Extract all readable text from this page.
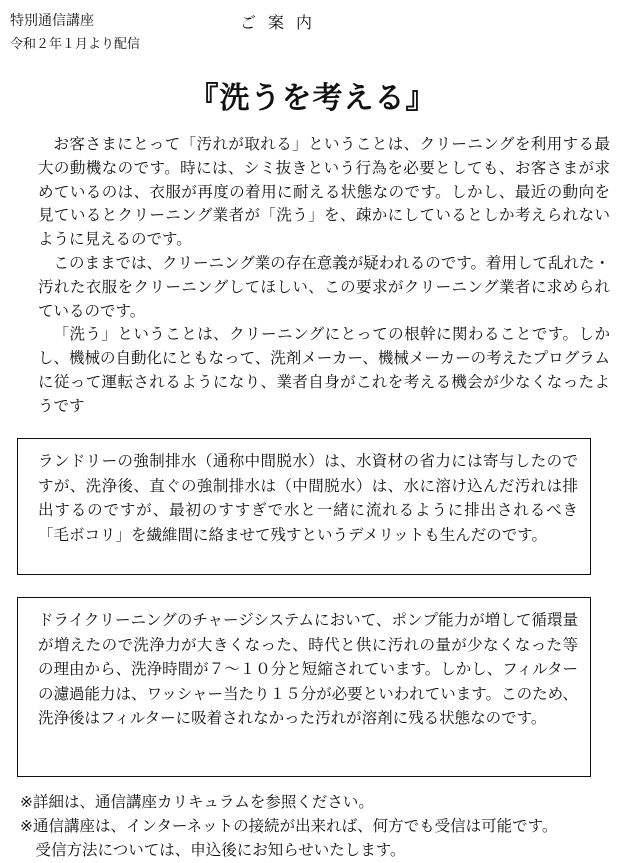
特別通信講座
令和２年１月より配信
ご案内
『洗うを考える』

お客さまにとって「汚れが取れる」ということは、クリーニングを利用する最大の動機なのです。時には、シミ抜きという行為を必要としても、お客さまが求めているのは、衣服が再度の着用に耐える状態なのです。しかし、最近の動向を見ているとクリーニング業者が「洗う」を、疎かにしているとしか考えられないように見えるのです。

このままでは、クリーニング業の存在意義が疑われるのです。着用して乱れた・汚れた衣服をクリーニングしてほしい、この要求がクリーニング業者に求められているのです。

「洗う」ということは、クリーニングにとっての根幹に関わることです。しかし、機械の自動化にともなって、洗剤メーカー、機械メーカーの考えたプログラムに従って運転されるようになり、業者自身がこれを考える機会が少なくなったようです

ランドリーの強制排水（通称中間脱水）は、水資材の省力には寄与したのですが、洗浄後、直ぐの強制排水は（中間脱水）は、水に溶け込んだ汚れは排出するのですが、最初のすすぎで水と一緒に流れるように排出されるべき「毛ボコリ」を繊維間に絡ませて残すというデメリットも生んだのです。
ドライクリーニングのチャージシステムにおいて、ポンプ能力が増して循環量が増えたので洗浄力が大きくなった、時代と供に汚れの量が少なくなった等の理由から、洗浄時間が７～１０分と短縮されています。しかし、フィルターの濾過能力は、ワッシャー当たり１５分が必要といわれています。このため、洗浄後はフィルターに吸着されなかった汚れが溶剤に残る状態なのです。
※詳細は、通信講座カリキュラムを参照ください。
※通信講座は、インターネットの接続が出来れば、何方でも受信は可能です。
受信方法については、申込後にお知らせいたします。
